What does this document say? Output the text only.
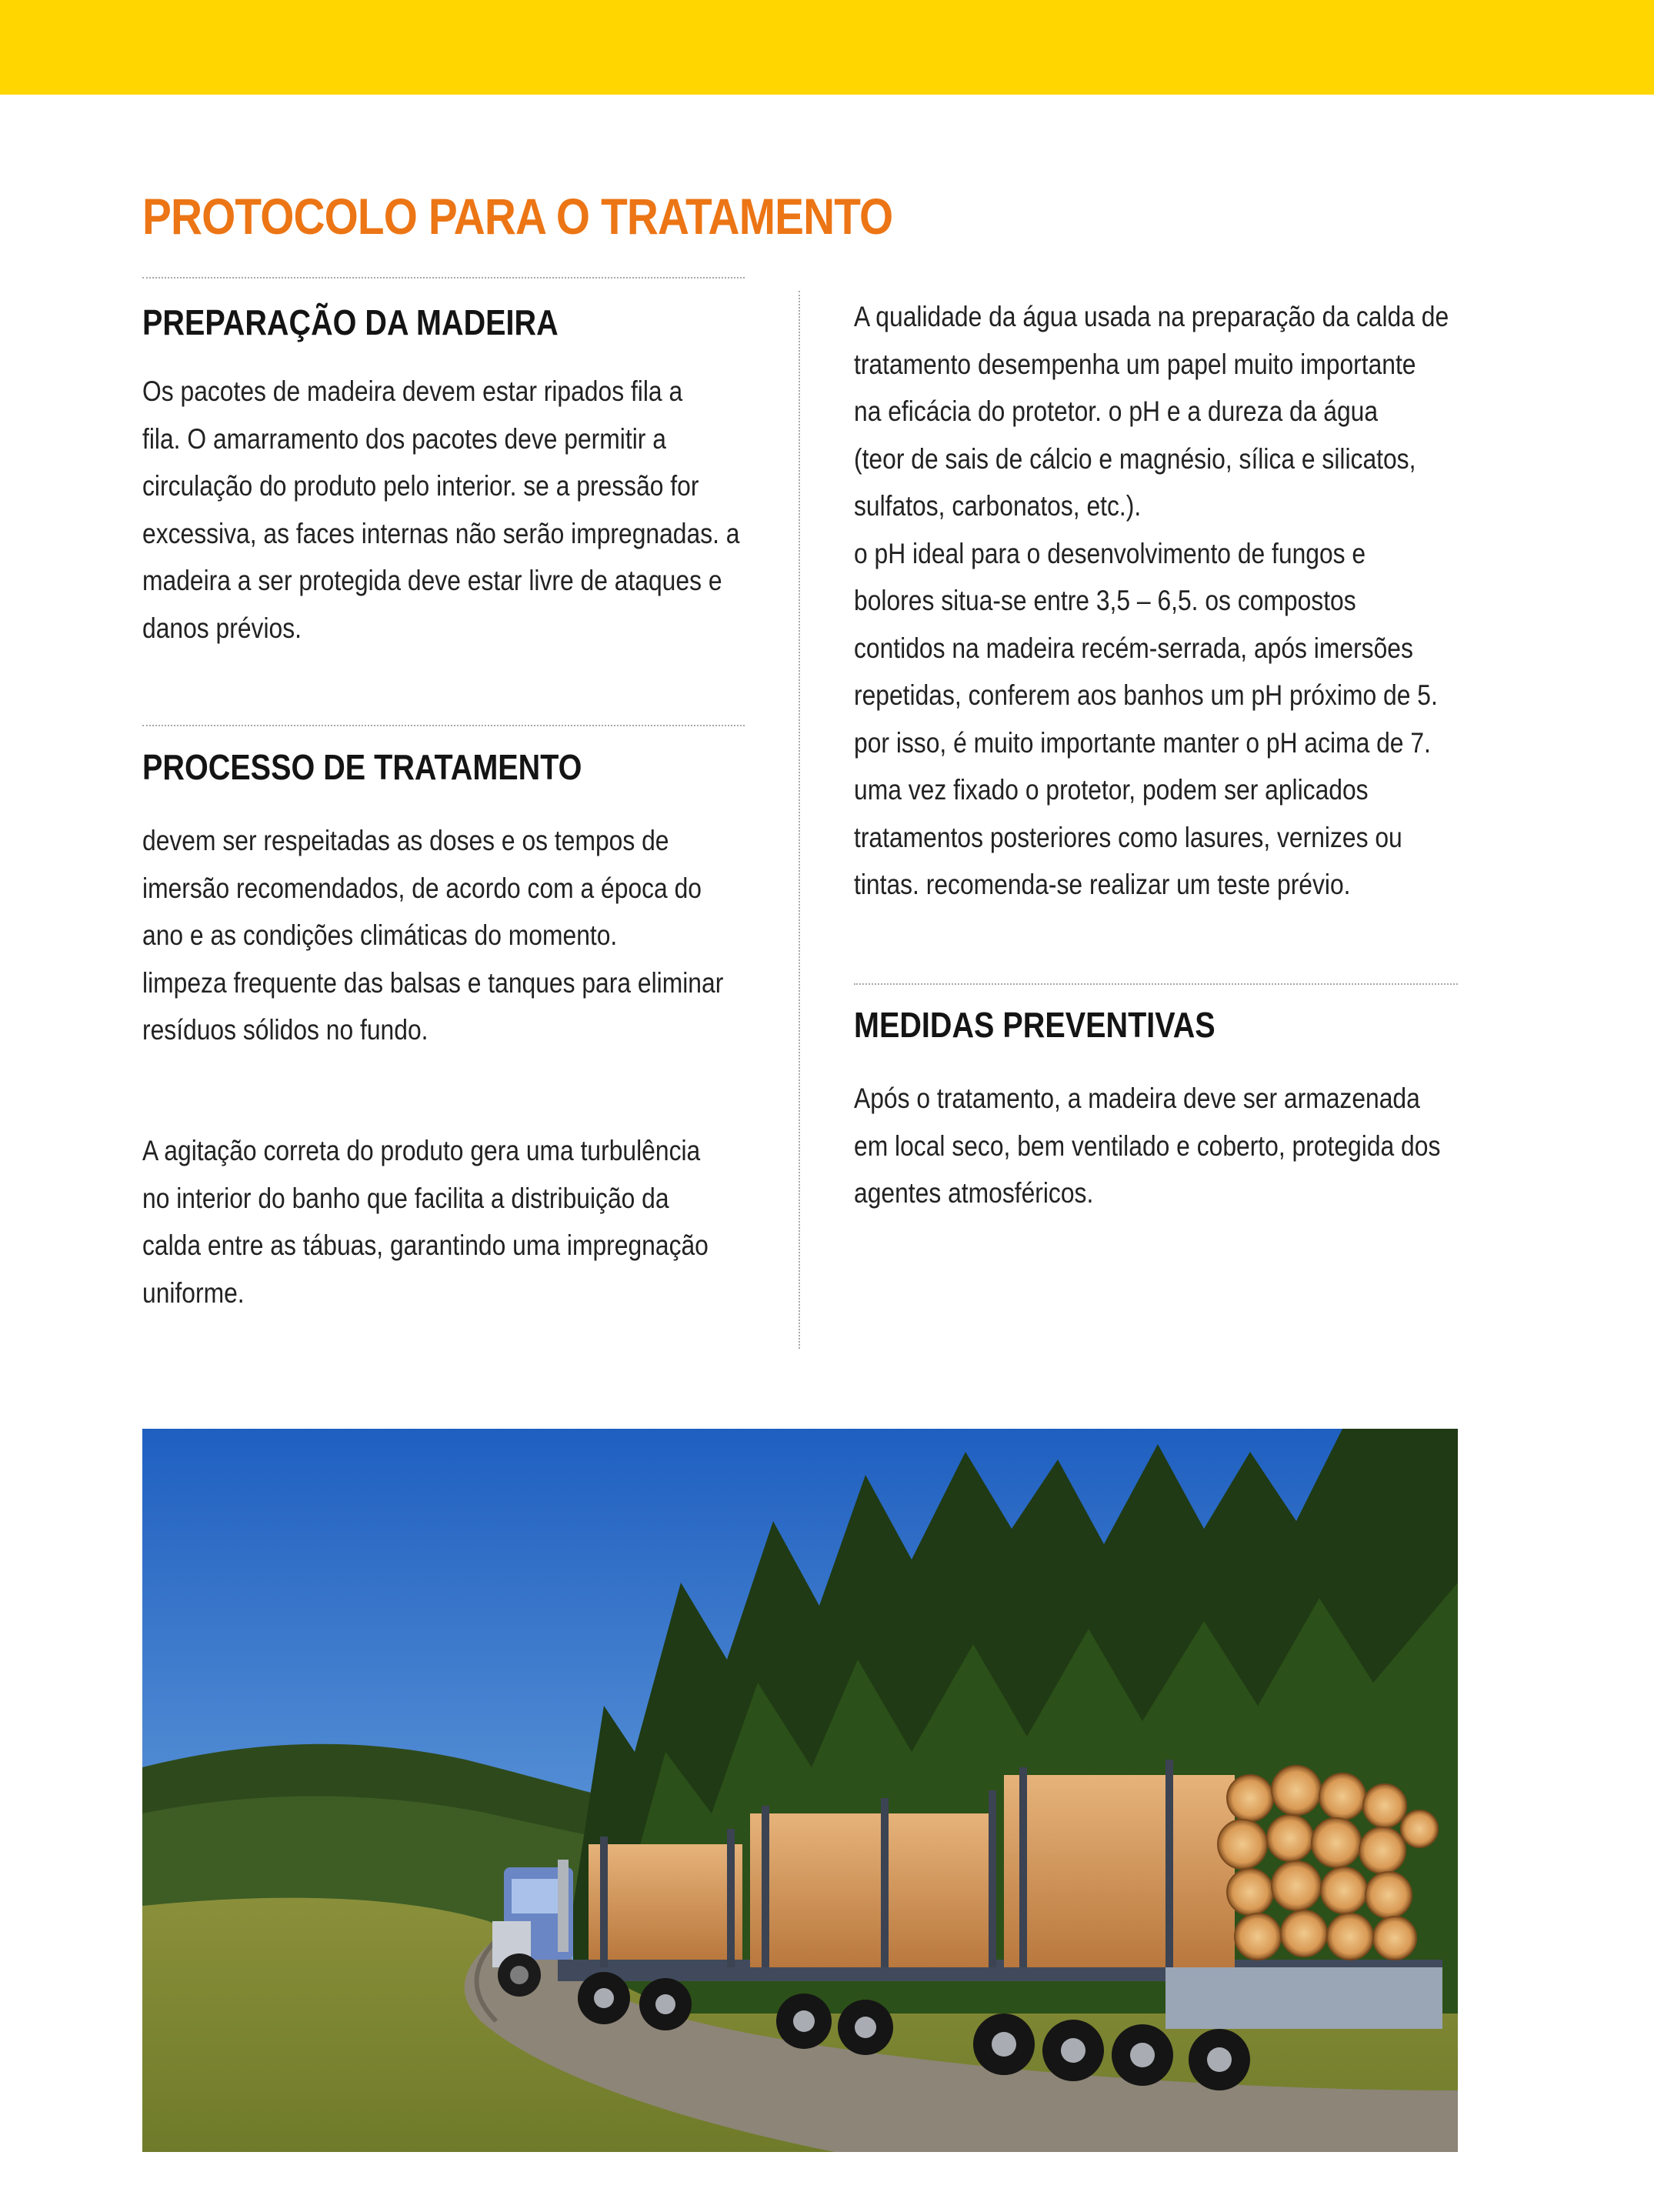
PROTOCOLO PARA O TRATAMENTO
PREPARAÇÃO DA MADEIRA
Os pacotes de madeira devem estar ripados fila a
fila. O amarramento dos pacotes deve permitir a
circulação do produto pelo interior. se a pressão for
excessiva, as faces internas não serão impregnadas. a
madeira a ser protegida deve estar livre de ataques e
danos prévios.
PROCESSO DE TRATAMENTO
devem ser respeitadas as doses e os tempos de
imersão recomendados, de acordo com a época do
ano e as condições climáticas do momento.
limpeza frequente das balsas e tanques para eliminar
resíduos sólidos no fundo.
A agitação correta do produto gera uma turbulência
no interior do banho que facilita a distribuição da
calda entre as tábuas, garantindo uma impregnação
uniforme.
A qualidade da água usada na preparação da calda de
tratamento desempenha um papel muito importante
na eficácia do protetor. o pH e a dureza da água
(teor de sais de cálcio e magnésio, sílica e silicatos,
sulfatos, carbonatos, etc.).
o pH ideal para o desenvolvimento de fungos e
bolores situa-se entre 3,5 – 6,5. os compostos
contidos na madeira recém-serrada, após imersões
repetidas, conferem aos banhos um pH próximo de 5.
por isso, é muito importante manter o pH acima de 7.
uma vez fixado o protetor, podem ser aplicados
tratamentos posteriores como lasures, vernizes ou
tintas. recomenda-se realizar um teste prévio.
MEDIDAS PREVENTIVAS
Após o tratamento, a madeira deve ser armazenada
em local seco, bem ventilado e coberto, protegida dos
agentes atmosféricos.
